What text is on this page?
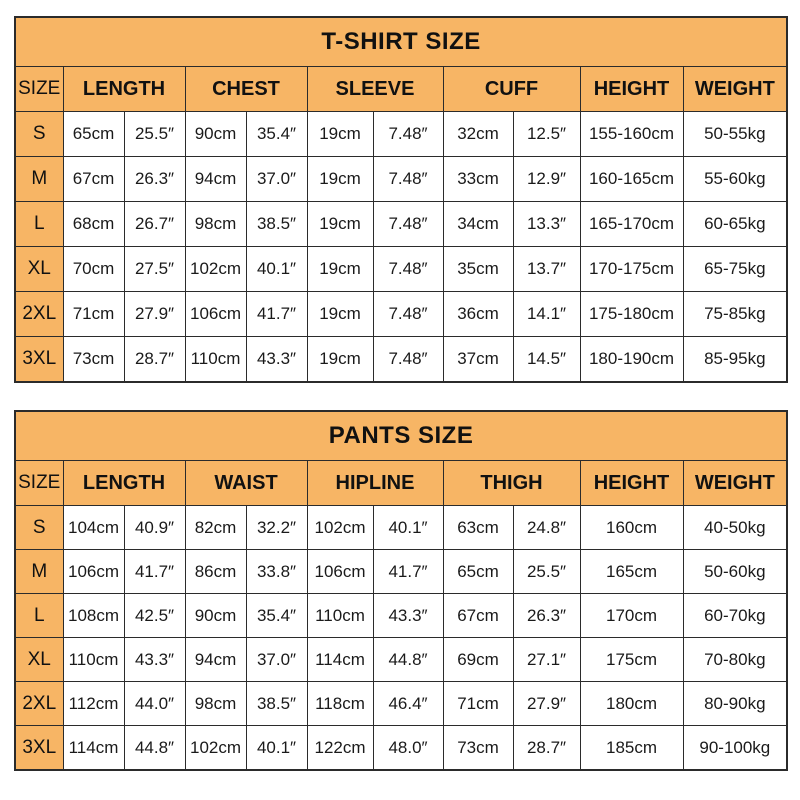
T-SHIRT SIZE										
SIZE	LENGTH		CHEST		SLEEVE		CUFF		HEIGHT	WEIGHT
S	65cm	25.5″	90cm	35.4″	19cm	7.48″	32cm	12.5″	155-160cm	50-55kg
M	67cm	26.3″	94cm	37.0″	19cm	7.48″	33cm	12.9″	160-165cm	55-60kg
L	68cm	26.7″	98cm	38.5″	19cm	7.48″	34cm	13.3″	165-170cm	60-65kg
XL	70cm	27.5″	102cm	40.1″	19cm	7.48″	35cm	13.7″	170-175cm	65-75kg
2XL	71cm	27.9″	106cm	41.7″	19cm	7.48″	36cm	14.1″	175-180cm	75-85kg
3XL	73cm	28.7″	110cm	43.3″	19cm	7.48″	37cm	14.5″	180-190cm	85-95kg
PANTS SIZE										
SIZE	LENGTH		WAIST		HIPLINE		THIGH		HEIGHT	WEIGHT
S	104cm	40.9″	82cm	32.2″	102cm	40.1″	63cm	24.8″	160cm	40-50kg
M	106cm	41.7″	86cm	33.8″	106cm	41.7″	65cm	25.5″	165cm	50-60kg
L	108cm	42.5″	90cm	35.4″	110cm	43.3″	67cm	26.3″	170cm	60-70kg
XL	110cm	43.3″	94cm	37.0″	114cm	44.8″	69cm	27.1″	175cm	70-80kg
2XL	112cm	44.0″	98cm	38.5″	118cm	46.4″	71cm	27.9″	180cm	80-90kg
3XL	114cm	44.8″	102cm	40.1″	122cm	48.0″	73cm	28.7″	185cm	90-100kg
